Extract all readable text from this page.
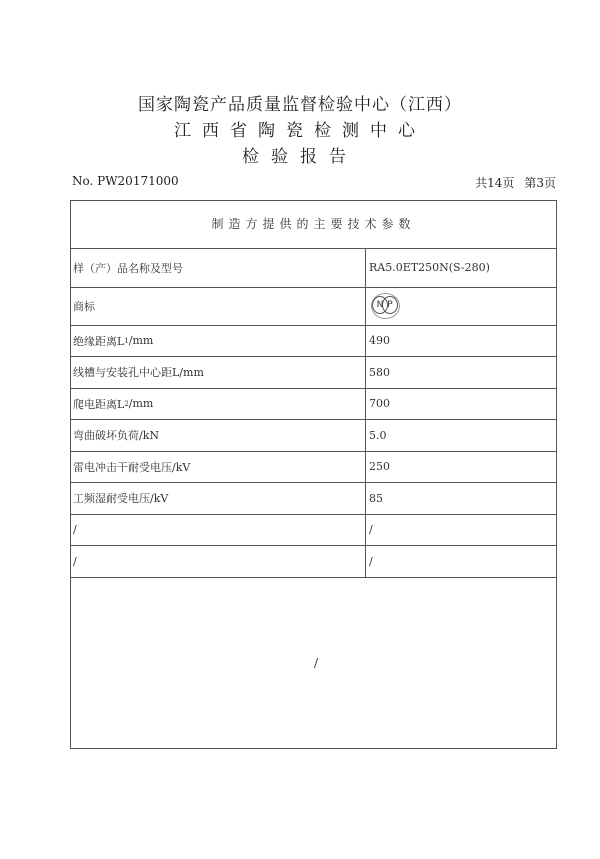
国家陶瓷产品质量监督检验中心（江西）
江西省陶瓷检测中心
检验报告
No. PW20171000	共14页 第3页
制造方提供的主要技术参数
样（产）品名称及型号	RA5.0ET250N(S-280)
商标	N P
绝缘距离L 1 /mm	490
线槽与安装孔中心距L/mm	580
爬电距离L 2 /mm	700
弯曲破坏负荷/kN	5.0
雷电冲击干耐受电压/kV	250
工频湿耐受电压/kV	85
/	/
/	/
/
